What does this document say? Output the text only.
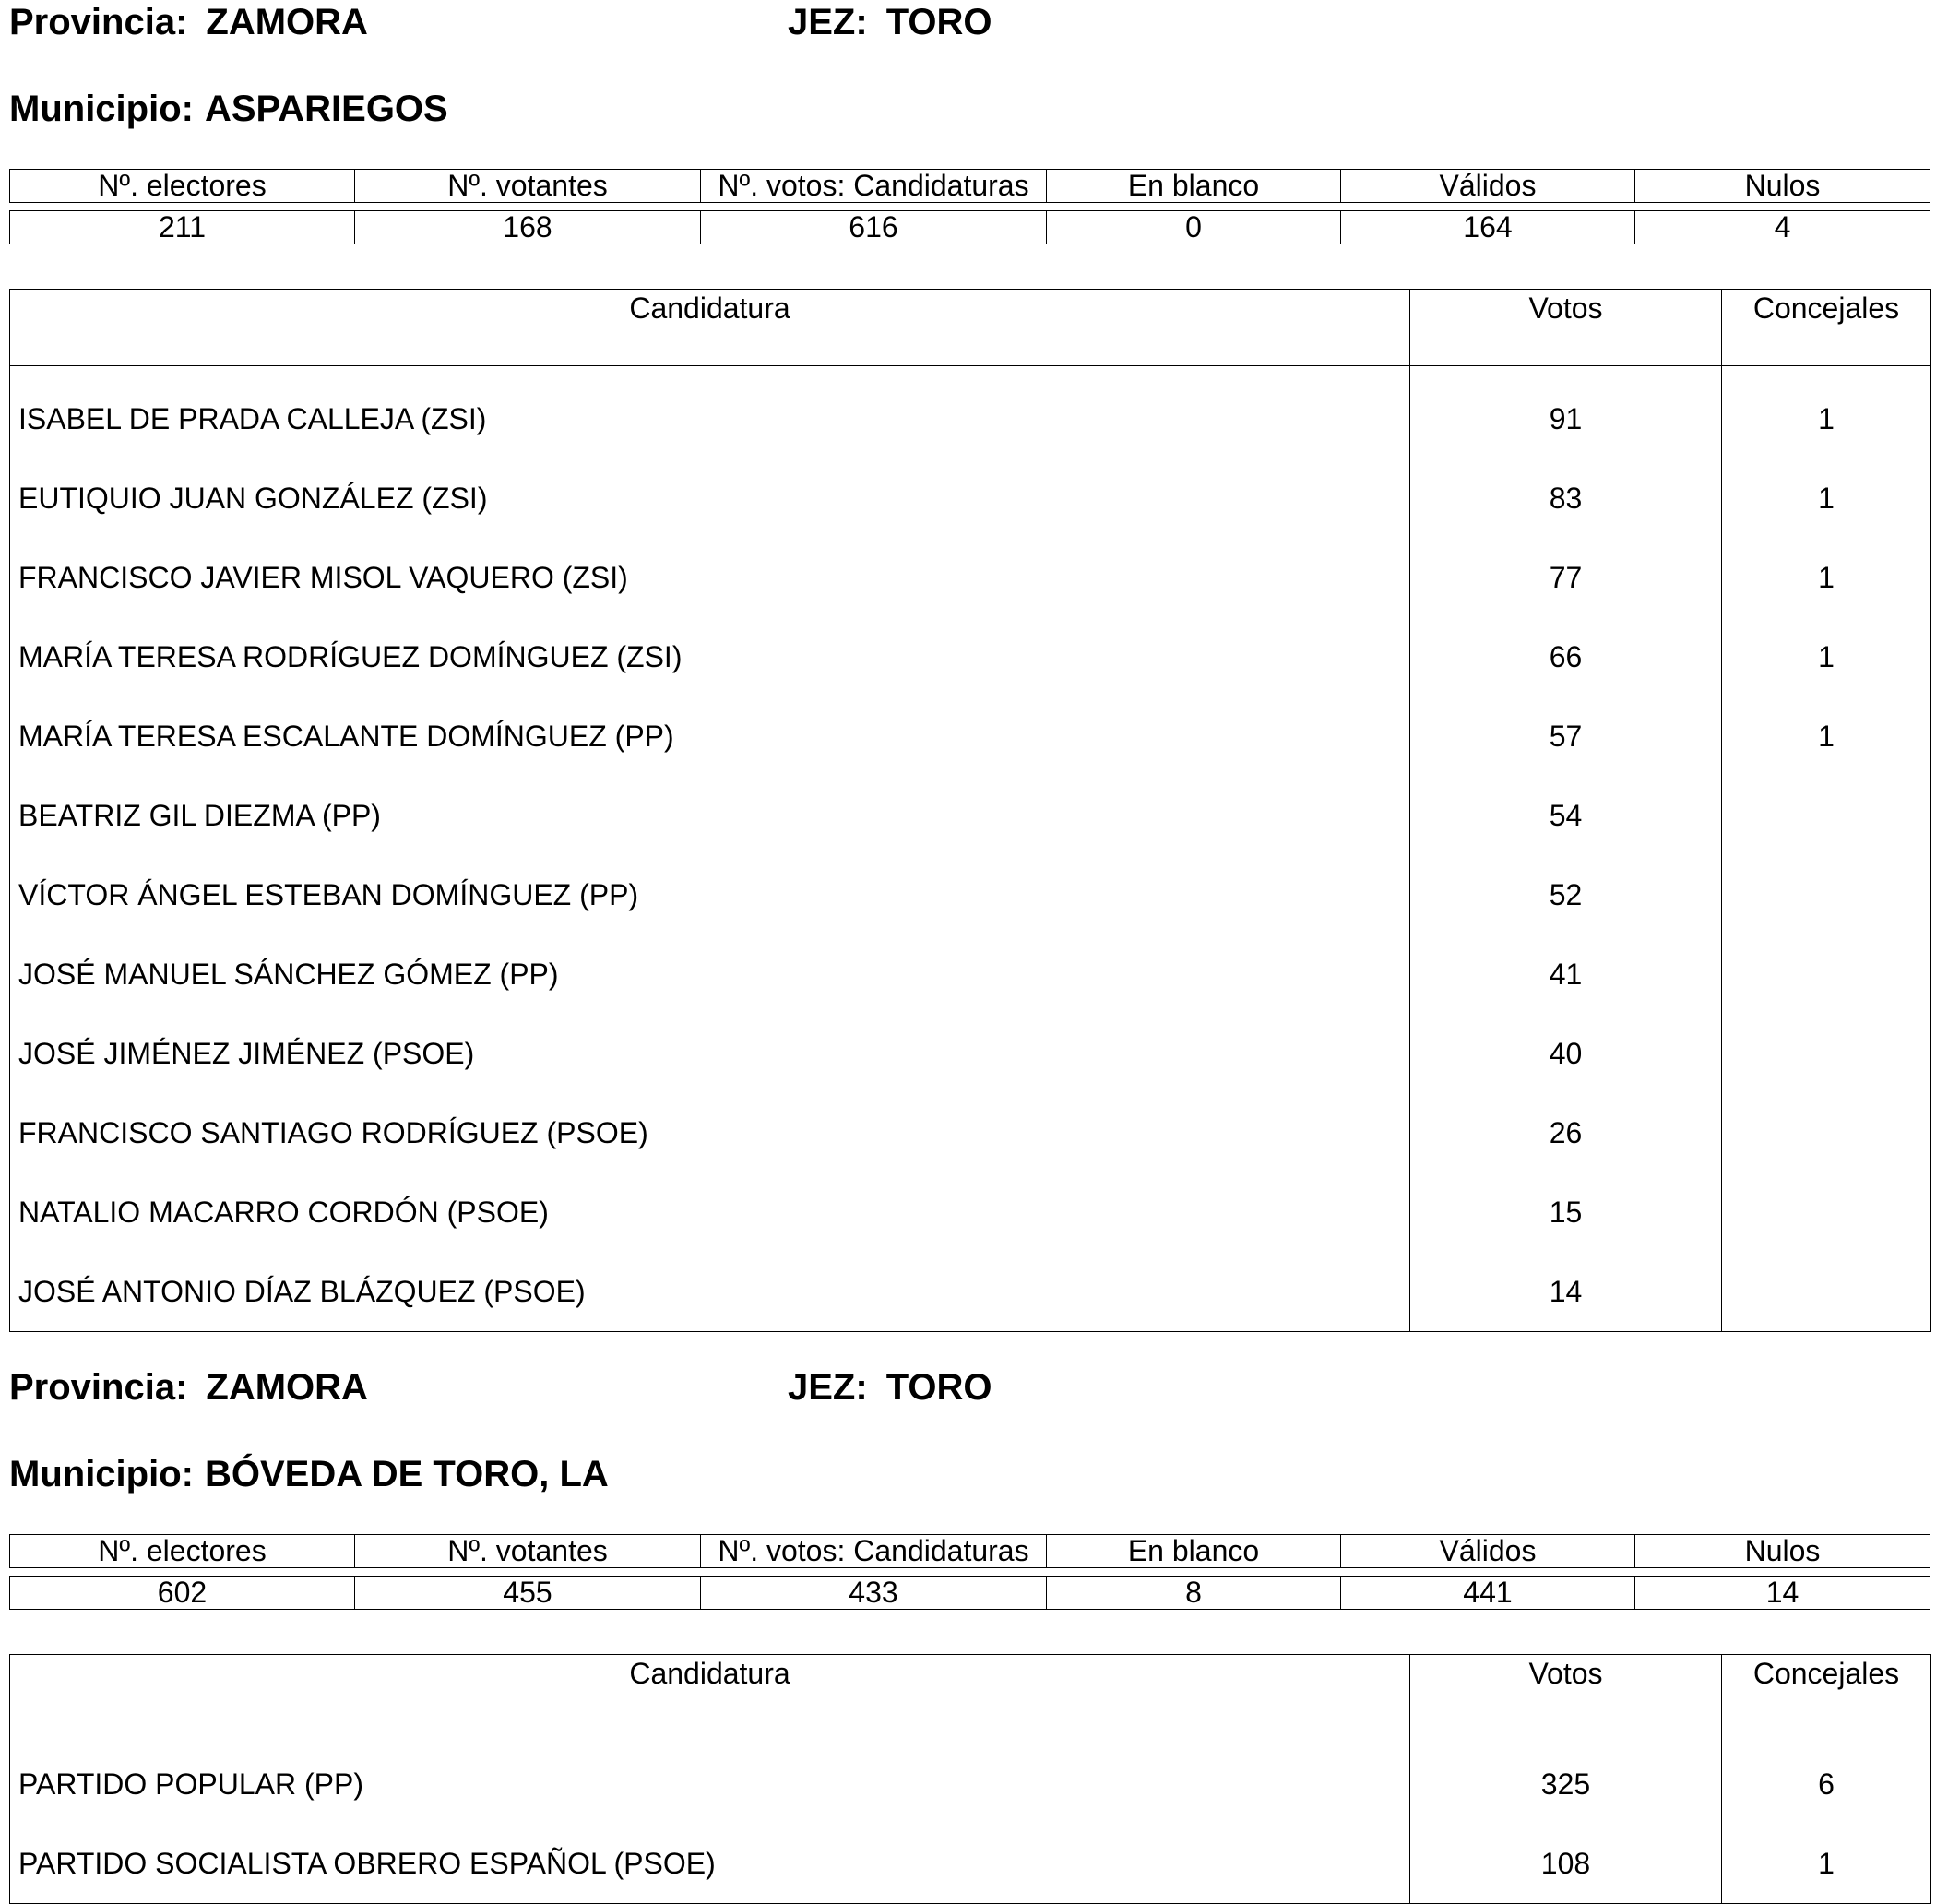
Provincia: ZAMORA	JEZ: TORO
Municipio: ASPARIEGOS
Nº. electores	Nº. votantes	Nº. votos: Candidaturas	En blanco	Válidos	Nulos

211	168	616	0	164	4
Candidatura	Votos	Concejales
ISABEL DE PRADA CALLEJA (ZSI)	91	1
EUTIQUIO JUAN GONZÁLEZ (ZSI)	83	1
FRANCISCO JAVIER MISOL VAQUERO (ZSI)	77	1
MARÍA TERESA RODRÍGUEZ DOMÍNGUEZ (ZSI)	66	1
MARÍA TERESA ESCALANTE DOMÍNGUEZ (PP)	57	1
BEATRIZ GIL DIEZMA (PP)	54	
VÍCTOR ÁNGEL ESTEBAN DOMÍNGUEZ (PP)	52	
JOSÉ MANUEL SÁNCHEZ GÓMEZ (PP)	41	
JOSÉ JIMÉNEZ JIMÉNEZ (PSOE)	40	
FRANCISCO SANTIAGO RODRÍGUEZ (PSOE)	26	
NATALIO MACARRO CORDÓN (PSOE)	15	
JOSÉ ANTONIO DÍAZ BLÁZQUEZ (PSOE)	14	
Provincia: ZAMORA	JEZ: TORO
Municipio: BÓVEDA DE TORO, LA
Nº. electores	Nº. votantes	Nº. votos: Candidaturas	En blanco	Válidos	Nulos

602	455	433	8	441	14
Candidatura	Votos	Concejales
PARTIDO POPULAR (PP)	325	6
PARTIDO SOCIALISTA OBRERO ESPAÑOL (PSOE)	108	1
